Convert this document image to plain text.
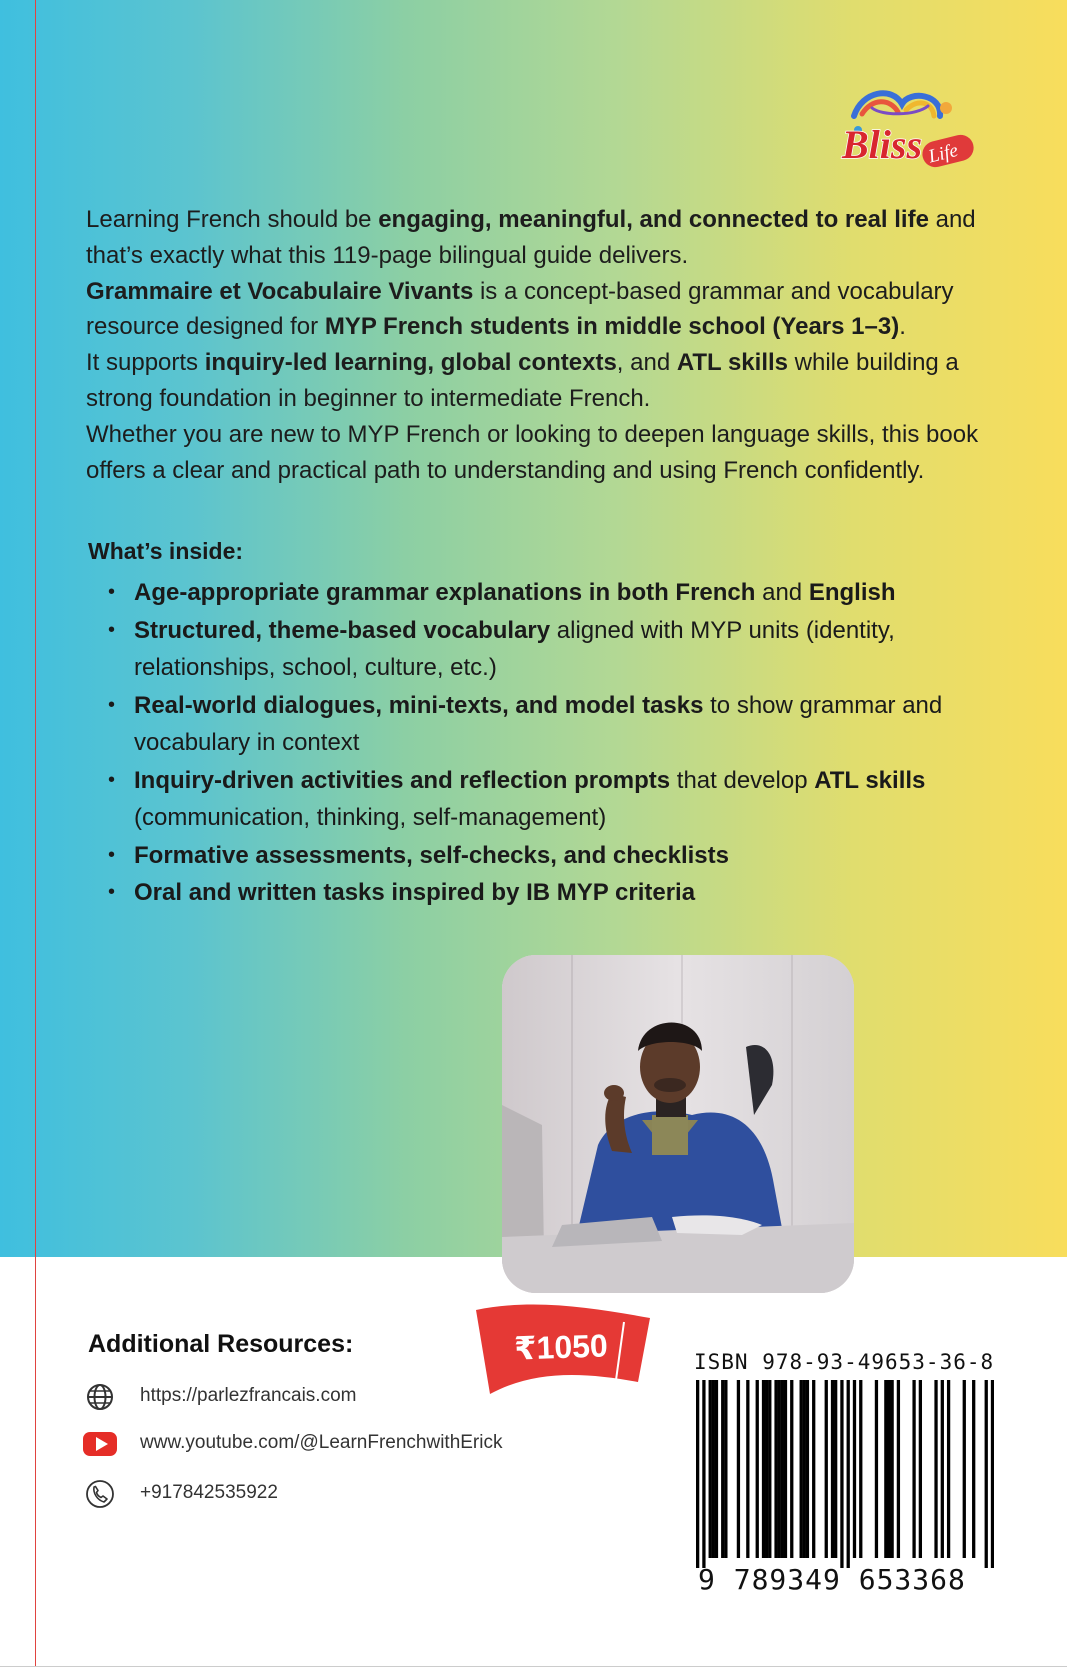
Bliss Life

Learning French should be engaging, meaningful, and connected to real life and that’s exactly what this 119-page bilingual guide delivers.

Grammaire et Vocabulaire Vivants is a concept-based grammar and vocabulary resource designed for MYP French students in middle school (Years 1–3).

It supports inquiry-led learning, global contexts, and ATL skills while building a strong foundation in beginner to intermediate French.

Whether you are new to MYP French or looking to deepen language skills, this book offers a clear and practical path to understanding and using French confidently.

What’s inside:
• Age-appropriate grammar explanations in both French and English
• Structured, theme-based vocabulary aligned with MYP units (identity, relationships, school, culture, etc.)
• Real-world dialogues, mini-texts, and model tasks to show grammar and vocabulary in context
• Inquiry-driven activities and reflection prompts that develop ATL skills (communication, thinking, self-management)
• Formative assessments, self-checks, and checklists
• Oral and written tasks inspired by IB MYP criteria
Additional Resources:
https://parlezfrancais.com
www.youtube.com/@LearnFrenchwithErick
+917842535922
₹1050	ISBN 978-93-49653-36-8
9 789349 653368
